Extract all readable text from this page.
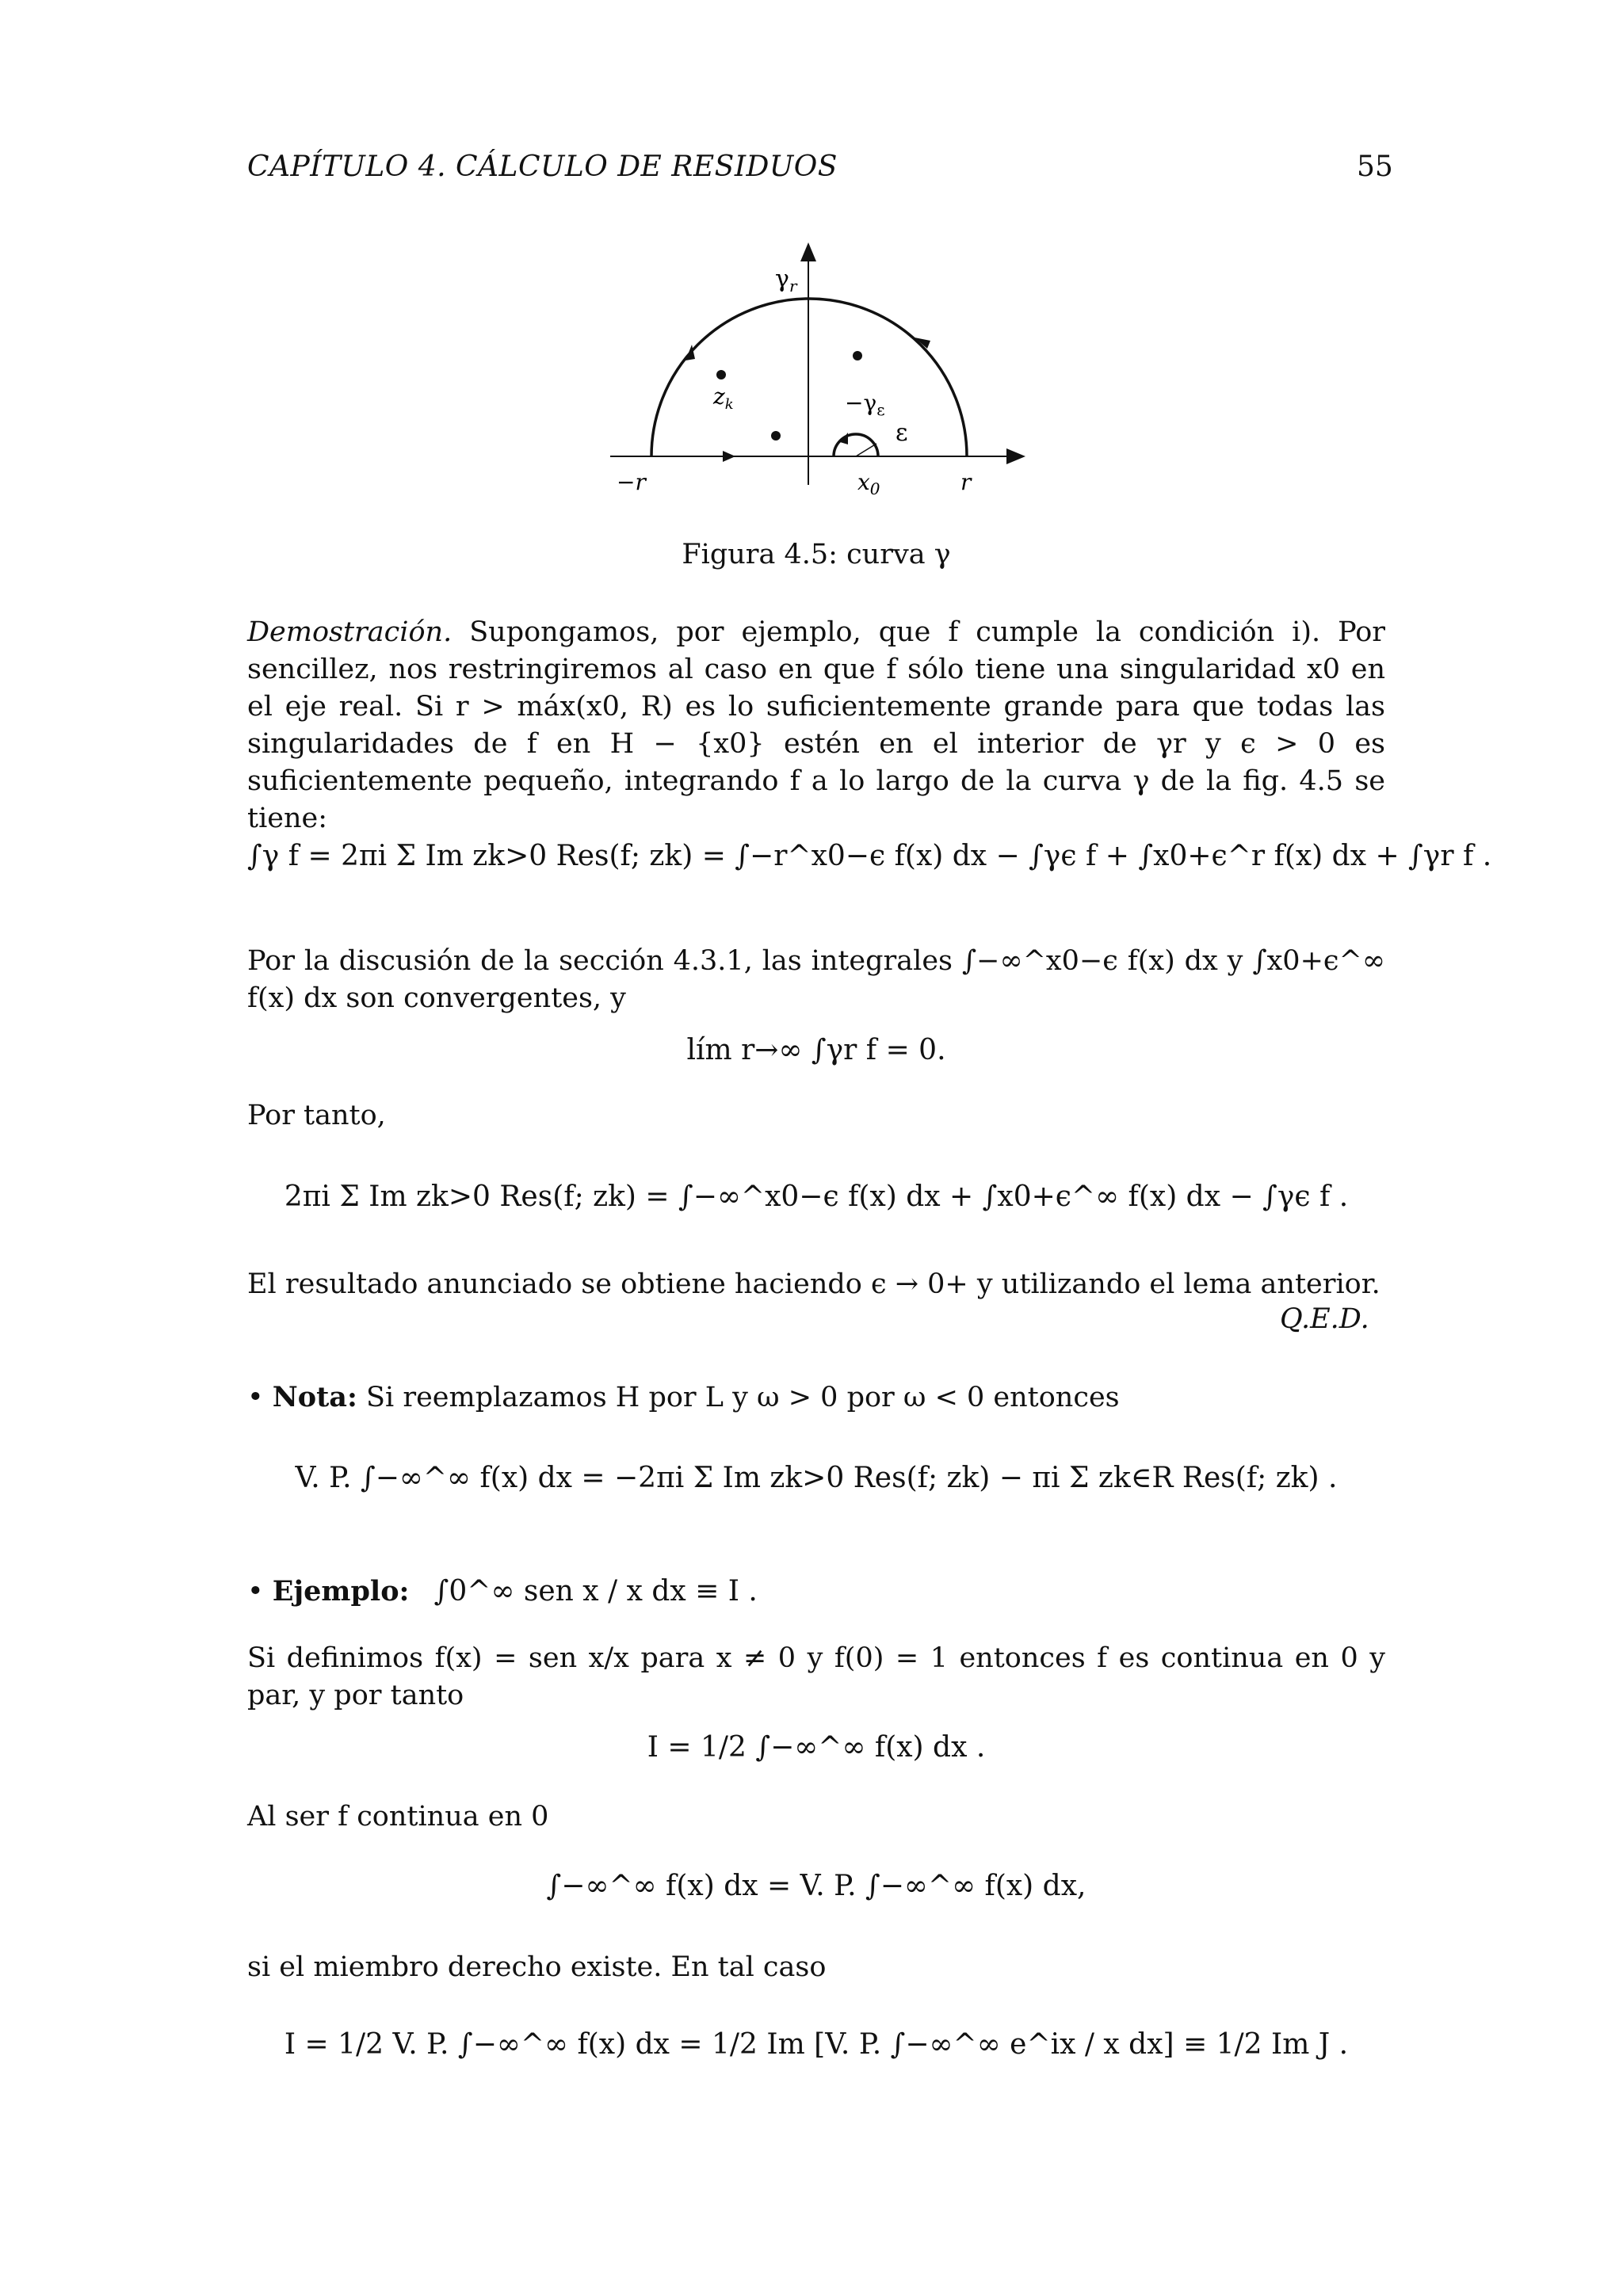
CAPÍTULO 4. CÁLCULO DE RESIDUOS	55
$\gamma_r$
$z_k$	$-\gamma_\varepsilon$
ε
−r	$x_0$	r
Figura 4.5: curva γ
Demostración. Supongamos, por ejemplo, que f cumple la condición i). Por sencillez, nos restringiremos al caso en que f sólo tiene una singularidad x0 en el eje real. Si r > máx(x0, R) es lo suficientemente grande para que todas las singularidades de f en H − {x0} estén en el interior de γr y ϵ > 0 es suficientemente pequeño, integrando f a lo largo de la curva γ de la fig. 4.5 se tiene:
∫γ f = 2πi Σ Im zk>0 Res(f; zk) = ∫−r^x0−ϵ f(x) dx − ∫γϵ f + ∫x0+ϵ^r f(x) dx + ∫γr f .
Por la discusión de la sección 4.3.1, las integrales ∫−∞^x0−ϵ f(x) dx y ∫x0+ϵ^∞ f(x) dx son convergentes, y
lím r→∞ ∫γr f = 0.
Por tanto,
2πi Σ Im zk>0 Res(f; zk) = ∫−∞^x0−ϵ f(x) dx + ∫x0+ϵ^∞ f(x) dx − ∫γϵ f .
El resultado anunciado se obtiene haciendo ϵ → 0+ y utilizando el lema anterior.
Q.E.D.
• Nota: Si reemplazamos H por L y ω > 0 por ω < 0 entonces
V. P. ∫−∞^∞ f(x) dx = −2πi Σ Im zk>0 Res(f; zk) − πi Σ zk∈R Res(f; zk) .
• Ejemplo: ∫0^∞ sen x / x dx ≡ I .
Si definimos f(x) = sen x/x para x ≠ 0 y f(0) = 1 entonces f es continua en 0 y par, y por tanto
I = 1/2 ∫−∞^∞ f(x) dx .
Al ser f continua en 0
∫−∞^∞ f(x) dx = V. P. ∫−∞^∞ f(x) dx,
si el miembro derecho existe. En tal caso
I = 1/2 V. P. ∫−∞^∞ f(x) dx = 1/2 Im [V. P. ∫−∞^∞ e^ix / x dx] ≡ 1/2 Im J .
